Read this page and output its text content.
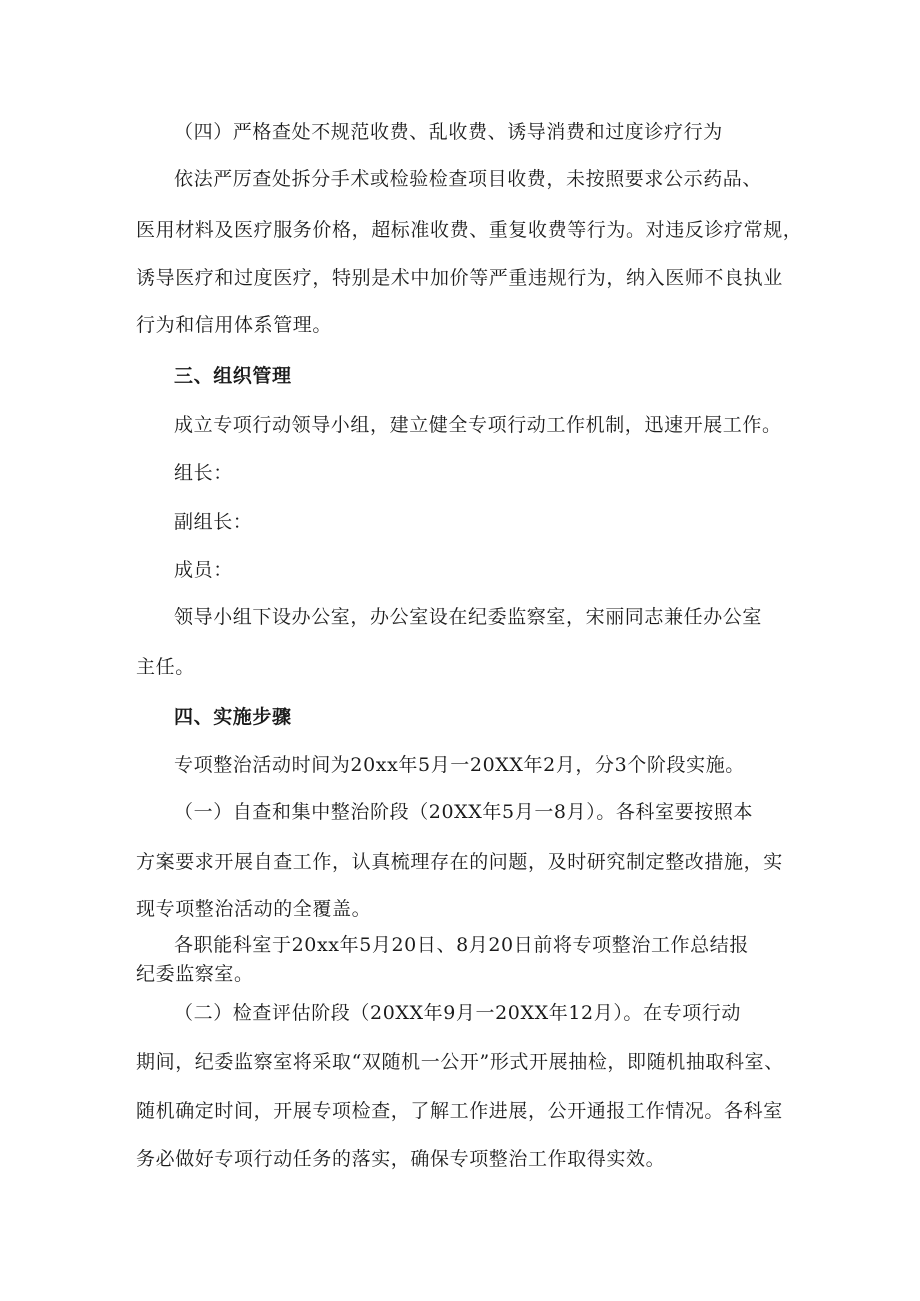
（四）严格查处不规范收费、乱收费、诱导消费和过度诊疗行为
依法严厉查处拆分手术或检验检查项目收费，未按照要求公示药品、
医用材料及医疗服务价格，超标准收费、重复收费等行为。对违反诊疗常规，
诱导医疗和过度医疗，特别是术中加价等严重违规行为，纳入医师不良执业
行为和信用体系管理。
三、组织管理
成立专项行动领导小组，建立健全专项行动工作机制，迅速开展工作。
组长：
副组长：
成员：
领导小组下设办公室，办公室设在纪委监察室，宋丽同志兼任办公室
主任。
四、实施步骤
专项整治活动时间为20xx年5月一20XX年2月，分3个阶段实施。
（一）自查和集中整治阶段（20XX年5月一8月）。各科室要按照本
方案要求开展自查工作，认真梳理存在的问题，及时研究制定整改措施，实
现专项整治活动的全覆盖。
各职能科室于20xx年5月20日、8月20日前将专项整治工作总结报
纪委监察室。
（二）检查评估阶段（20XX年9月一20XX年12月）。在专项行动
期间，纪委监察室将采取“双随机一公开”形式开展抽检，即随机抽取科室、
随机确定时间，开展专项检查，了解工作进展，公开通报工作情况。各科室
务必做好专项行动任务的落实，确保专项整治工作取得实效。
